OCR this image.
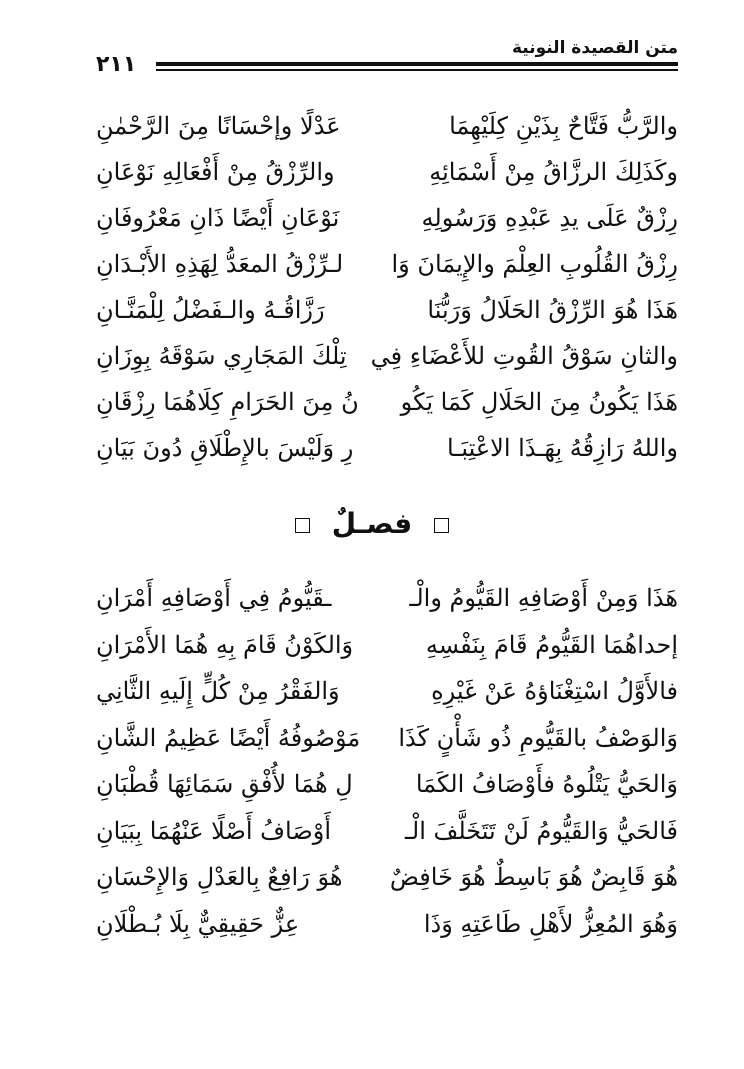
متن القصيدة النونية
٢١١
والرَّبُّ فَتَّاحٌ بِذَيْنِ كِلَيْهِمَا
عَدْلًا وإحْسَانًا مِنَ الرَّحْمٰنِ
وكَذَلِكَ الرزَّاقُ مِنْ أَسْمَائِهِ
والرِّزْقُ مِنْ أَفْعَالِهِ نَوْعَانِ
رِزْقٌ عَلَى يدِ عَبْدِهِ وَرَسُولِهِ
نَوْعَانِ أَيْضًا ذَانِ مَعْرُوفَانِ
رِزْقُ القُلُوبِ العِلْمَ والإِيمَانَ وَا
لـرِّزْقُ المعَدُّ لِهَذِهِ الأَبْـدَانِ
هَذَا هُوَ الرِّزْقُ الحَلَالُ وَرَبُّنَا
رَزَّاقُـهُ والـفَضْلُ لِلْمَنَّـانِ
والثانِ سَوْقُ القُوتِ للأَعْضَاءِ فِي
تِلْكَ المَجَارِي سَوْقَهُ بِوِزَانِ
هَذَا يَكُونُ مِنَ الحَلَالِ كَمَا يَكُو
نُ مِنَ الحَرَامِ كِلَاهُمَا رِزْقَانِ
واللهُ رَازِقُهُ بِهَـذَا الاعْتِبَـا
رِ وَلَيْسَ بالإِطْلَاقِ دُونَ بَيَانِ
فصـلٌ
هَذَا وَمِنْ أَوْصَافِهِ القَيُّومُ والْـ
ـقَيُّومُ فِي أَوْصَافِهِ أَمْرَانِ
إحداهُمَا القَيُّومُ قَامَ بِنَفْسِهِ
وَالكَوْنُ قَامَ بِهِ هُمَا الأَمْرَانِ
فالأَوَّلُ اسْتِغْنَاؤهُ عَنْ غَيْرِهِ
وَالفَقْرُ مِنْ كُلٍّ إِلَيهِ الثَّانِي
وَالوَصْفُ بالقَيُّومِ ذُو شَأْنٍ كَذَا
مَوْصُوفُهُ أَيْضًا عَظِيمُ الشَّانِ
وَالحَيُّ يَتْلُوهُ فأَوْصَافُ الكَمَا
لِ هُمَا لأُفْقِ سَمَائِهَا قُطْبَانِ
فَالحَيُّ وَالقَيُّومُ لَنْ تَتَخَلَّفَ الْـ
أَوْصَافُ أَصْلًا عَنْهُمَا بِبَيَانِ
هُوَ قَابِضٌ هُوَ بَاسِطٌ هُوَ خَافِضٌ
هُوَ رَافِعٌ بِالعَدْلِ وَالإِحْسَانِ
وَهُوَ المُعِزُّ لأَهْلِ طَاعَتِهِ وَذَا
عِزٌّ حَقِيقِيٌّ بِلَا بُـطْلَانِ
